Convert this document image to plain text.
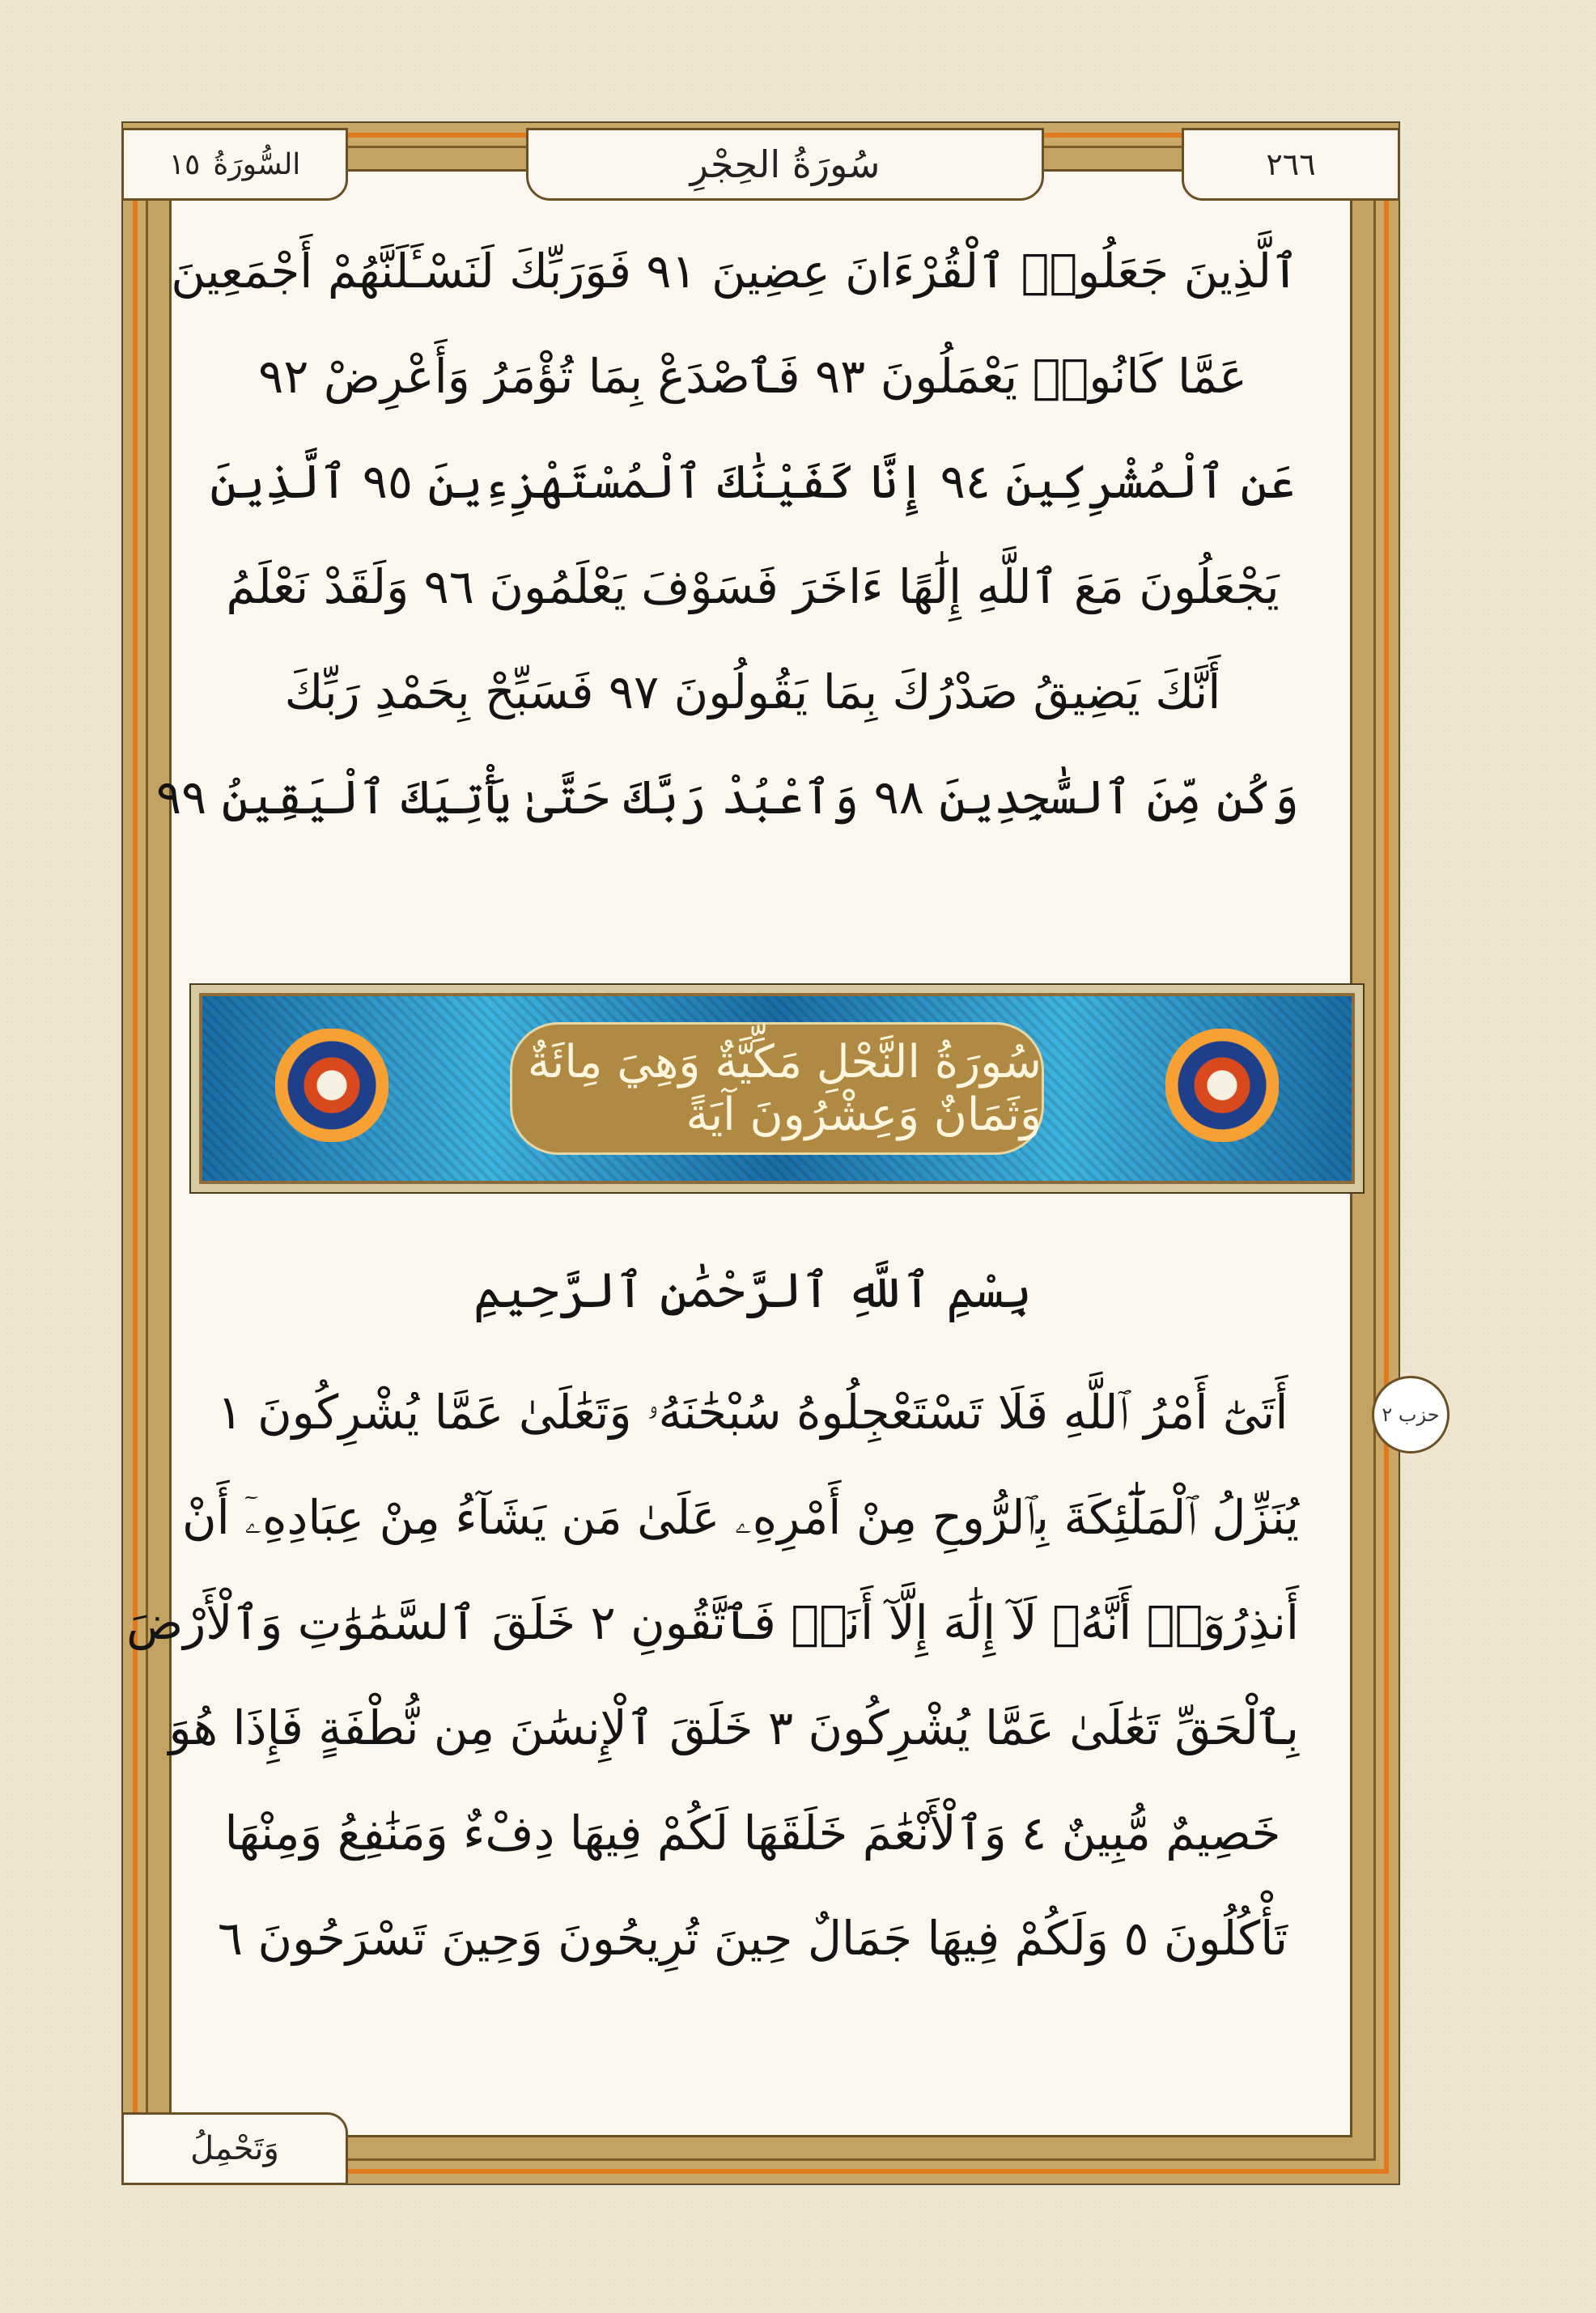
١٥ السُّورَةُ	سُورَةُ الحِجْرِ	٢٦٦
ٱلَّذِينَ جَعَلُوا۟ ٱلْقُرْءَانَ عِضِينَ ٩١ فَوَرَبِّكَ لَنَسْـَٔلَنَّهُمْ أَجْمَعِينَ
عَمَّا كَانُوا۟ يَعْمَلُونَ ٩٣ فَٱصْدَعْ بِمَا تُؤْمَرُ وَأَعْرِضْ ٩٢
عَنِ ٱلْمُشْرِكِينَ ٩٤ إِنَّا كَفَيْنَٰكَ ٱلْمُسْتَهْزِءِينَ ٩٥ ٱلَّذِينَ
يَجْعَلُونَ مَعَ ٱللَّهِ إِلَٰهًا ءَاخَرَ فَسَوْفَ يَعْلَمُونَ ٩٦ وَلَقَدْ نَعْلَمُ
أَنَّكَ يَضِيقُ صَدْرُكَ بِمَا يَقُولُونَ ٩٧ فَسَبِّحْ بِحَمْدِ رَبِّكَ
وَكُن مِّنَ ٱلسَّٰجِدِينَ ٩٨ وَٱعْبُدْ رَبَّكَ حَتَّىٰ يَأْتِيَكَ ٱلْيَقِينُ ٩٩
سُورَةُ النَّحْلِ مَكِّيَّةٌ وَهِيَ مِائَةٌ وَثَمَانٌ وَعِشْرُونَ آيَةً
بِسْمِ ٱللَّهِ ٱلرَّحْمَٰنِ ٱلرَّحِيمِ
حزب ٢
أَتَىٰٓ أَمْرُ ٱللَّهِ فَلَا تَسْتَعْجِلُوهُ سُبْحَٰنَهُۥ وَتَعَٰلَىٰ عَمَّا يُشْرِكُونَ ١
يُنَزِّلُ ٱلْمَلَٰٓئِكَةَ بِٱلرُّوحِ مِنْ أَمْرِهِۦ عَلَىٰ مَن يَشَآءُ مِنْ عِبَادِهِۦٓ أَنْ
أَنذِرُوٓا۟ أَنَّهُۥ لَآ إِلَٰهَ إِلَّآ أَنَا۠ فَٱتَّقُونِ ٢ خَلَقَ ٱلسَّمَٰوَٰتِ وَٱلْأَرْضَ
بِٱلْحَقِّ تَعَٰلَىٰ عَمَّا يُشْرِكُونَ ٣ خَلَقَ ٱلْإِنسَٰنَ مِن نُّطْفَةٍ فَإِذَا هُوَ
خَصِيمٌ مُّبِينٌ ٤ وَٱلْأَنْعَٰمَ خَلَقَهَا لَكُمْ فِيهَا دِفْءٌ وَمَنَٰفِعُ وَمِنْهَا
تَأْكُلُونَ ٥ وَلَكُمْ فِيهَا جَمَالٌ حِينَ تُرِيحُونَ وَحِينَ تَسْرَحُونَ ٦
وَتَحْمِلُ
